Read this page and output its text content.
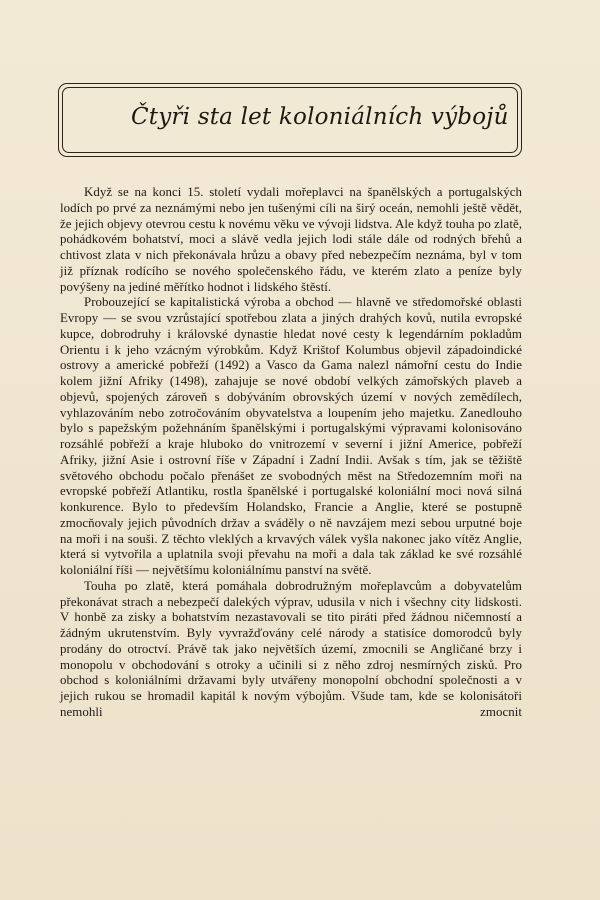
Čtyři sta let koloniálních výbojů

Když se na konci 15. století vydali mořeplavci na španělských a portugalských lodích po prvé za neznámými nebo jen tušenými cíli na širý oceán, nemohli ještě vědět, že jejich objevy otevrou cestu k novému věku ve vývoji lidstva. Ale když touha po zlatě, pohádkovém bohatství, moci a slávě vedla jejich lodi stále dále od rodných břehů a chtivost zlata v nich překonávala hrůzu a obavy před nebezpečím neznámа, byl v tom již příznak rodícího se nového společenského řádu, ve kterém zlato a peníze byly povýšeny na jediné měřítko hodnot i lidského štěstí.

Probouzející se kapitalistická výroba a obchod — hlavně ve středomořské oblasti Evropy — se svou vzrůstající spotřebou zlata a jiných drahých kovů, nutila evropské kupce, dobrodruhy i královské dynastie hledat nové cesty k legendárním pokladům Orientu i k jeho vzácným výrobkům. Když Krištof Kolumbus objevil západoindické ostrovy a americké pobřeží (1492) a Vasco da Gama nalezl námořní cestu do Indie kolem jižní Afriky (1498), zahajuje se nové období velkých zámořských plaveb a objevů, spojených zároveň s dobýváním obrovských území v nových zemědílech, vyhlazováním nebo zotročováním obyvatelstva a loupením jeho majetku. Zanedlouho bylo s papežským požehnáním španělskými i portugalskými výpravami kolonisováno rozsáhlé pobřeží a kraje hluboko do vnitrozemí v severní i jižní Americe, pobřeží Afriky, jižní Asie i ostrovní říše v Západní i Zadní Indii. Avšak s tím, jak se těžiště světového obchodu počalo přenášet ze svobodných měst na Středozemním moři na evropské pobřeží Atlantiku, rostla španělské i portugalské koloniální moci nová silná konkurence. Bylo to především Holandsko, Francie a Anglie, které se postupně zmocňovaly jejich původních držav a sváděly o ně navzájem mezi sebou urputné boje na moři i na souši. Z těchto vleklých a krvavých válek vyšla nakonec jako vítěz Anglie, která si vytvořila a uplatnila svoji převahu na moři a dala tak základ ke své rozsáhlé koloniální říši — největšímu koloniálnímu panství na světě.

Touha po zlatě, která pomáhala dobrodružným mořeplavcům a dobyvatelům překonávat strach a nebezpečí dalekých výprav, udusila v nich i všechny city lidskosti. V honbě za zisky a bohatstvím nezastavovali se tito piráti před žádnou ničemností a žádným ukrutenstvím. Byly vyvražďovány celé národy a statisíce domorodců byly prodány do otroctví. Právě tak jako největších území, zmocnili se Angličané brzy i monopolu v obchodování s otroky a učinili si z něho zdroj nesmírných zisků. Pro obchod s koloniálními državami byly utvářeny monopolní obchodní společnosti a v jejich rukou se hromadil kapitál k novým výbojům. Všude tam, kde se kolonisátoři nemohli zmocnit
